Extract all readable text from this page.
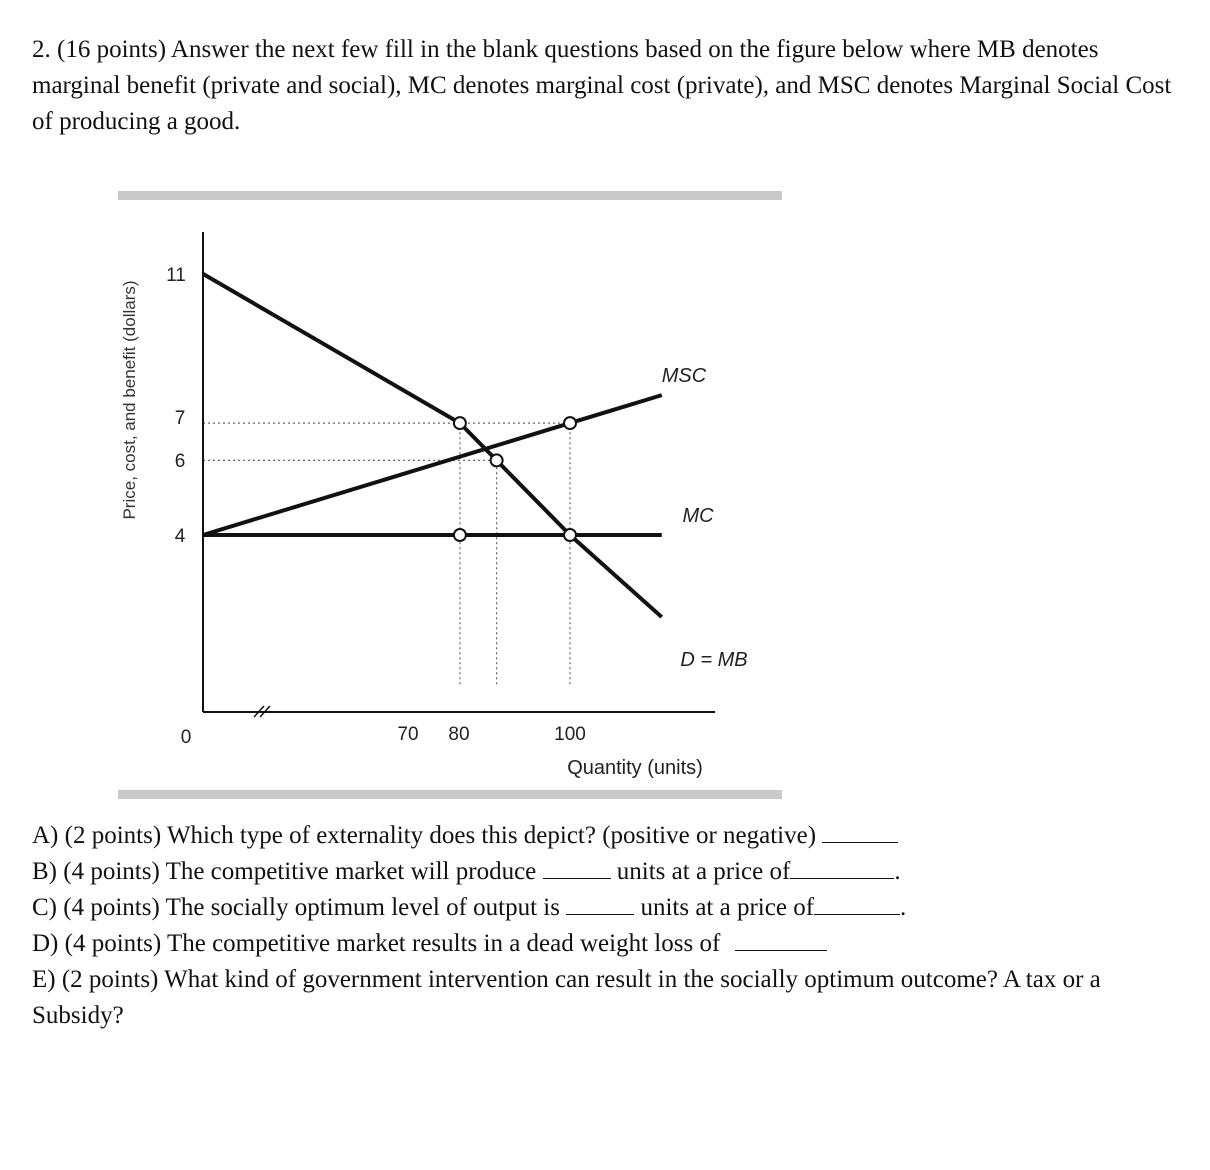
2. (16 points) Answer the next few fill in the blank questions based on the figure below where MB denotes marginal benefit (private and social), MC denotes marginal cost (private), and MSC denotes Marginal Social Cost of producing a good.

Price, cost, and benefit (dollars)
11
7
6
4
0	70 80	100
MSC
MC
D = MB
Quantity (units)
A) (2 points) Which type of externality does this depict? (positive or negative)
B) (4 points) The competitive market will produce	units at a price of	.
C) (4 points) The socially optimum level of output is	units at a price of	.
D) (4 points) The competitive market results in a dead weight loss of
E) (2 points) What kind of government intervention can result in the socially optimum outcome? A tax or a Subsidy?
